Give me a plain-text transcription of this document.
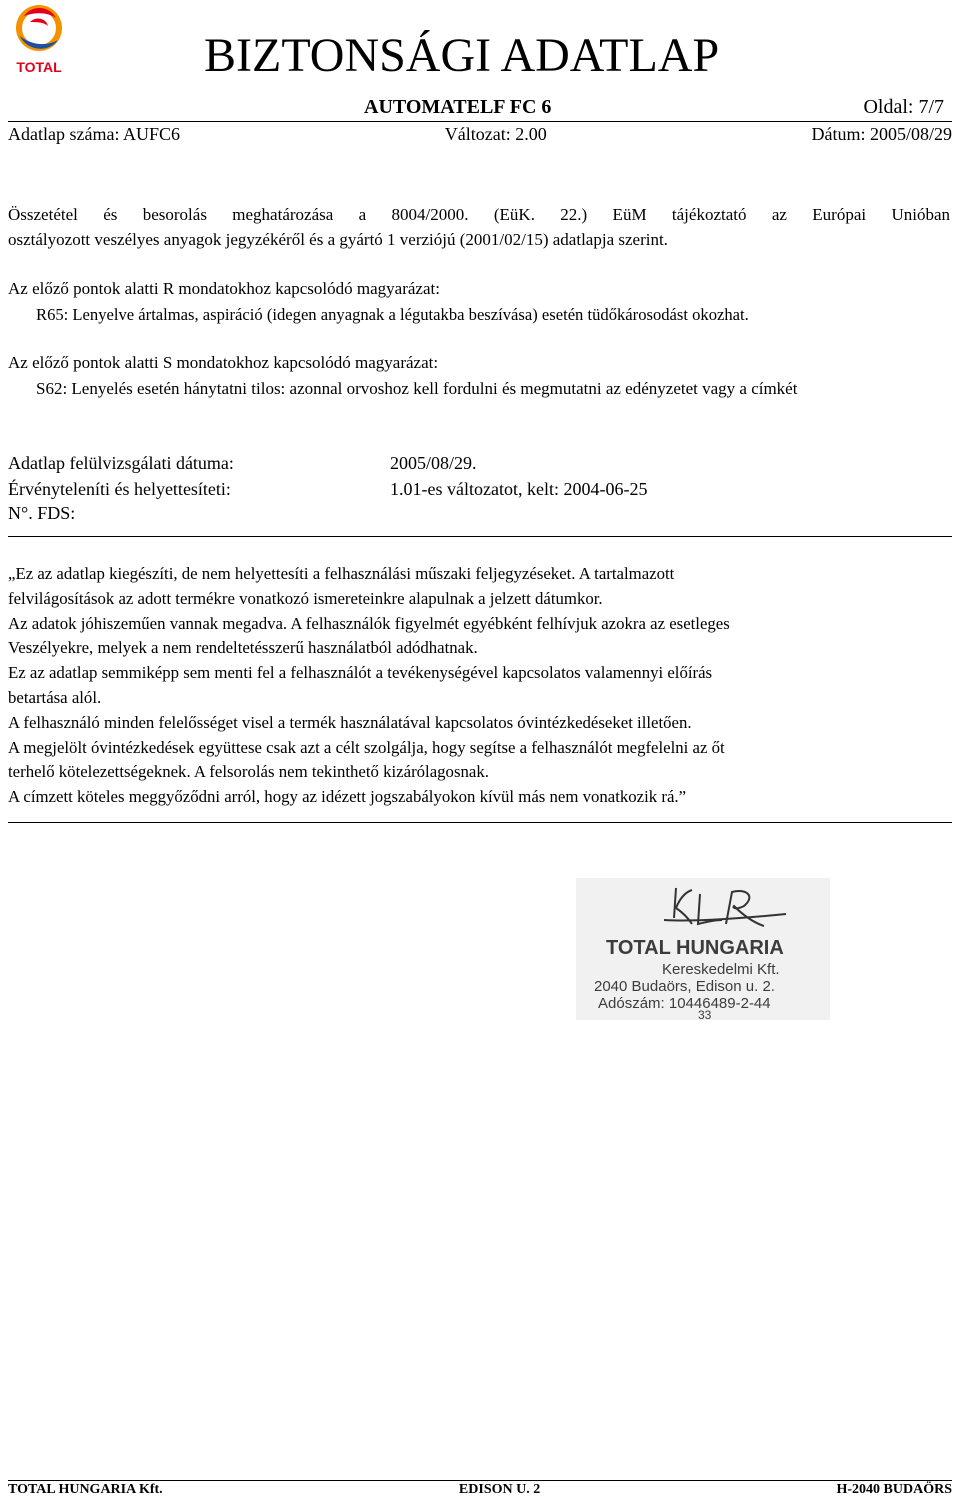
TOTAL	BIZTONSÁGI ADATLAP
AUTOMATELF FC 6	Oldal: 7/7
Adatlap száma: AUFC6	Változat: 2.00	Dátum: 2005/08/29
Összetétel és besorolás meghatározása a 8004/2000. (EüK. 22.) EüM tájékoztató az Európai Unióban
osztályozott veszélyes anyagok jegyzékéről és a gyártó 1 verziójú (2001/02/15) adatlapja szerint.
Az előző pontok alatti R mondatokhoz kapcsolódó magyarázat:
R65: Lenyelve ártalmas, aspiráció (idegen anyagnak a légutakba beszívása) esetén tüdőkárosodást okozhat.
Az előző pontok alatti S mondatokhoz kapcsolódó magyarázat:
S62: Lenyelés esetén hánytatni tilos: azonnal orvoshoz kell fordulni és megmutatni az edényzetet vagy a címkét
Adatlap felülvizsgálati dátuma:	2005/08/29.
Érvényteleníti és helyettesíteti:	1.01-es változatot, kelt: 2004-06-25
N°. FDS:
„Ez az adatlap kiegészíti, de nem helyettesíti a felhasználási műszaki feljegyzéseket. A tartalmazott
felvilágosítások az adott termékre vonatkozó ismereteinkre alapulnak a jelzett dátumkor.
Az adatok jóhiszeműen vannak megadva. A felhasználók figyelmét egyébként felhívjuk azokra az esetleges
Veszélyekre, melyek a nem rendeltetésszerű használatból adódhatnak.
Ez az adatlap semmiképp sem menti fel a felhasználót a tevékenységével kapcsolatos valamennyi előírás
betartása alól.
A felhasználó minden felelősséget visel a termék használatával kapcsolatos óvintézkedéseket illetően.
A megjelölt óvintézkedések együttese csak azt a célt szolgálja, hogy segítse a felhasználót megfelelni az őt
terhelő kötelezettségeknek. A felsorolás nem tekinthető kizárólagosnak.
A címzett köteles meggyőződni arról, hogy az idézett jogszabályokon kívül más nem vonatkozik rá.”
TOTAL HUNGARIA
Kereskedelmi Kft.
2040 Budaörs, Edison u. 2.
Adószám: 10446489-2-44
33
TOTAL HUNGARIA Kft.	EDISON U. 2	H-2040 BUDAÖRS
